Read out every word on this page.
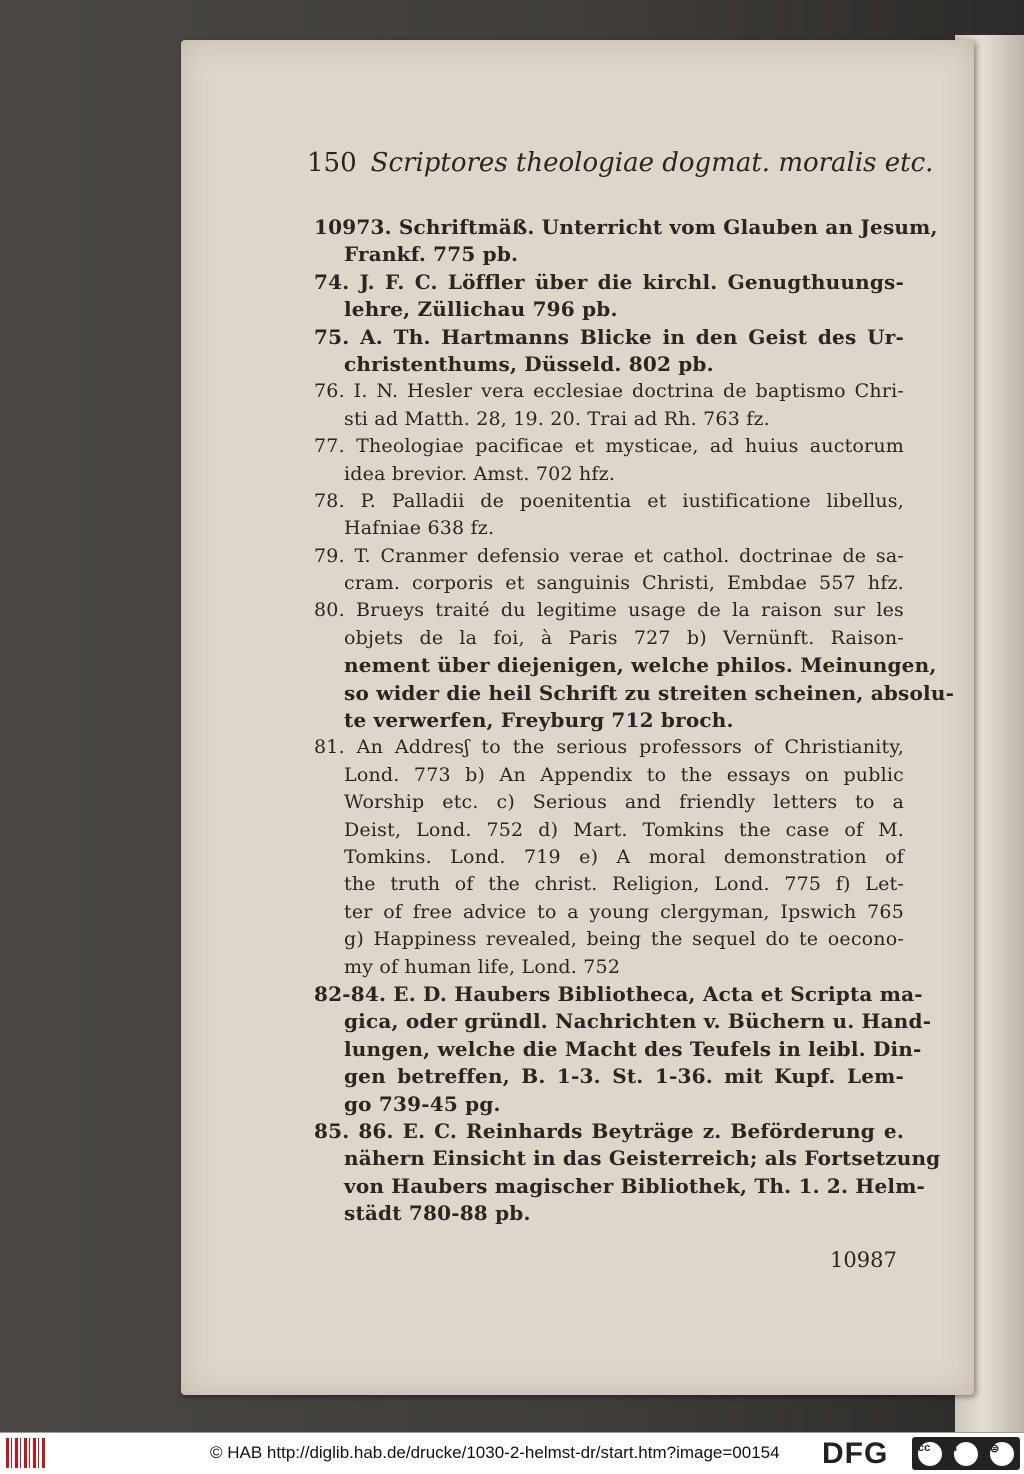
150 Scriptores theologiae dogmat. moralis etc.
10973. Schriftmäß. Unterricht vom Glauben an Jesum,
Frankf. 775 pb.
74. J. F. C. Löffler über die kirchl. Genugthuungs-
lehre, Züllichau 796 pb.
75. A. Th. Hartmanns Blicke in den Geist des Ur-
christenthums, Düsseld. 802 pb.
76. I. N. Hesler vera ecclesiae doctrina de baptismo Chri-
sti ad Matth. 28, 19. 20. Trai ad Rh. 763 fz.
77. Theologiae pacificae et mysticae, ad huius auctorum
idea brevior. Amst. 702 hfz.
78. P. Palladii de poenitentia et iustificatione libellus,
Hafniae 638 fz.
79. T. Cranmer defensio verae et cathol. doctrinae de sa-
cram. corporis et sanguinis Christi, Embdae 557 hfz.
80. Brueys traité du legitime usage de la raison sur les
objets de la foi, à Paris 727 b) Vernünft. Raison-
nement über diejenigen, welche philos. Meinungen,
so wider die heil Schrift zu streiten scheinen, absolu-
te verwerfen, Freyburg 712 broch.
81. An Addresʃ to the serious professors of Christianity,
Lond. 773 b) An Appendix to the essays on public
Worship etc. c) Serious and friendly letters to a
Deist, Lond. 752 d) Mart. Tomkins the case of M.
Tomkins. Lond. 719 e) A moral demonstration of
the truth of the christ. Religion, Lond. 775 f) Let-
ter of free advice to a young clergyman, Ipswich 765
g) Happiness revealed, being the sequel do te oecono-
my of human life, Lond. 752
82-84. E. D. Haubers Bibliotheca, Acta et Scripta ma-
gica, oder gründl. Nachrichten v. Büchern u. Hand-
lungen, welche die Macht des Teufels in leibl. Din-
gen betreffen, B. 1-3. St. 1-36. mit Kupf. Lem-
go 739-45 pg.
85. 86. E. C. Reinhards Beyträge z. Beförderung e.
nähern Einsicht in das Geisterreich; als Fortsetzung
von Haubers magischer Bibliothek, Th. 1. 2. Helm-
städt 780-88 pb.
10987
© HAB http://diglib.hab.de/drucke/1030-2-helmst-dr/start.htm?image=00154 DFG	cc	i	⊜
